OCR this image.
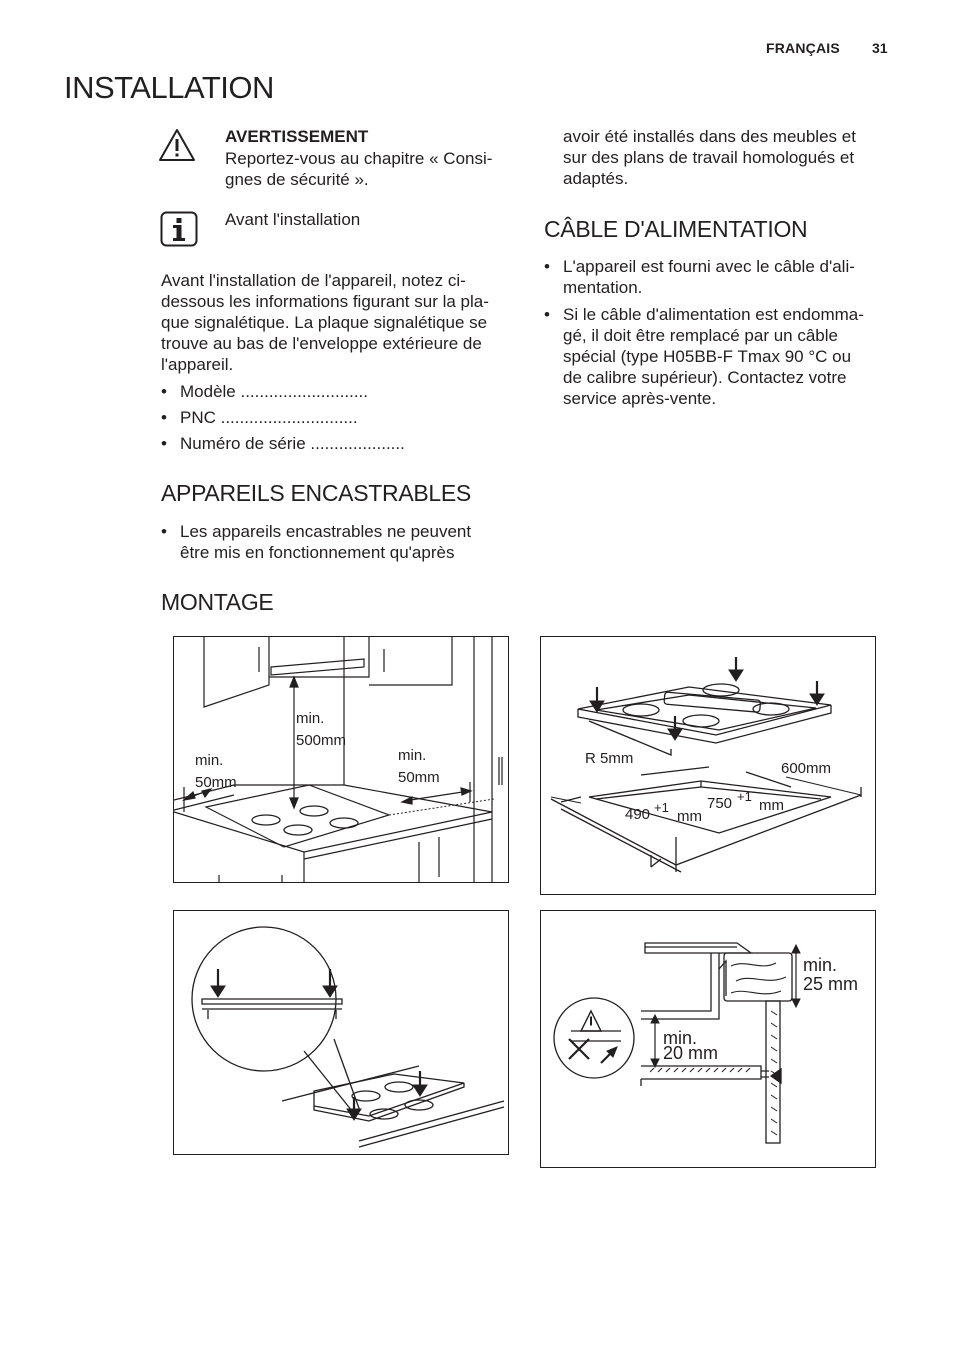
FRANÇAIS 31
INSTALLATION
AVERTISSEMENT
Reportez-vous au chapitre « Consi-
gnes de sécurité ».
Avant l'installation
Avant l'installation de l'appareil, notez ci-
dessous les informations figurant sur la pla-
que signalétique. La plaque signalétique se
trouve au bas de l'enveloppe extérieure de
l'appareil.
• Modèle ...........................
• PNC .............................
• Numéro de série ....................
APPAREILS ENCASTRABLES
• Les appareils encastrables ne peuvent
être mis en fonctionnement qu'après
avoir été installés dans des meubles et
sur des plans de travail homologués et
adaptés.
CÂBLE D'ALIMENTATION
• L'appareil est fourni avec le câble d'ali-
mentation.
• Si le câble d'alimentation est endomma-
gé, il doit être remplacé par un câble
spécial (type H05BB-F Tmax 90 °C ou
de calibre supérieur). Contactez votre
service après-vente.
MONTAGE
min.
500mm
min.
50mm
min.
50mm
R 5mm
600mm
490 +1
mm
750 +1
mm
min.
25 mm
min.
20 mm
